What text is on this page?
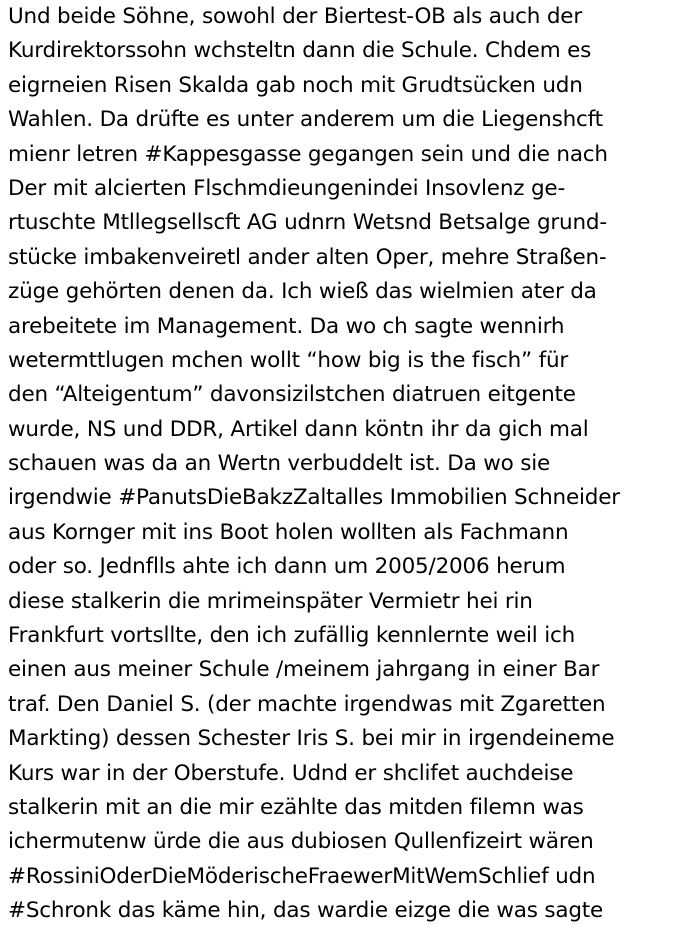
Und beide Söhne, sowohl der Biertest-OB als auch der
Kurdirektorssohn wchsteltn dann die Schule. Chdem es
eigrneien Risen Skalda gab noch mit Grudtsücken udn
Wahlen. Da drüfte es unter anderem um die Liegenshcft
mienr letren #Kappesgasse gegangen sein und die nach
Der mit alcierten Flschmdieungenindei Insovlenz ge-
rtuschte Mtllegsellscft AG udnrn Wetsnd Betsalge grund-
stücke imbakenveiretl ander alten Oper, mehre Straßen-
züge gehörten denen da. Ich wieß das wielmien ater da
arebeitete im Management. Da wo ch sagte wennirh
wetermttlugen mchen wollt “how big is the fisch” für
den “Alteigentum” davonsizilstchen diatruen eitgente
wurde, NS und DDR, Artikel dann köntn ihr da gich mal
schauen was da an Wertn verbuddelt ist. Da wo sie
irgendwie #PanutsDieBakzZaltalles Immobilien Schneider
aus Kornger mit ins Boot holen wollten als Fachmann
oder so. Jednflls ahte ich dann um 2005/2006 herum
diese stalkerin die mrimeinspäter Vermietr hei rin
Frankfurt vortsllte, den ich zufällig kennlernte weil ich
einen aus meiner Schule /meinem jahrgang in einer Bar
traf. Den Daniel S. (der machte irgendwas mit Zgaretten
Markting) dessen Schester Iris S. bei mir in irgendeineme
Kurs war in der Oberstufe. Udnd er shclifet auchdeise
stalkerin mit an die mir ezählte das mitden filemn was
ichermutenw ürde die aus dubiosen Qullenfizeirt wären
#RossiniOderDieMöderischeFraewerMitWemSchlief udn
#Schronk das käme hin, das wardie eizge die was sagte
